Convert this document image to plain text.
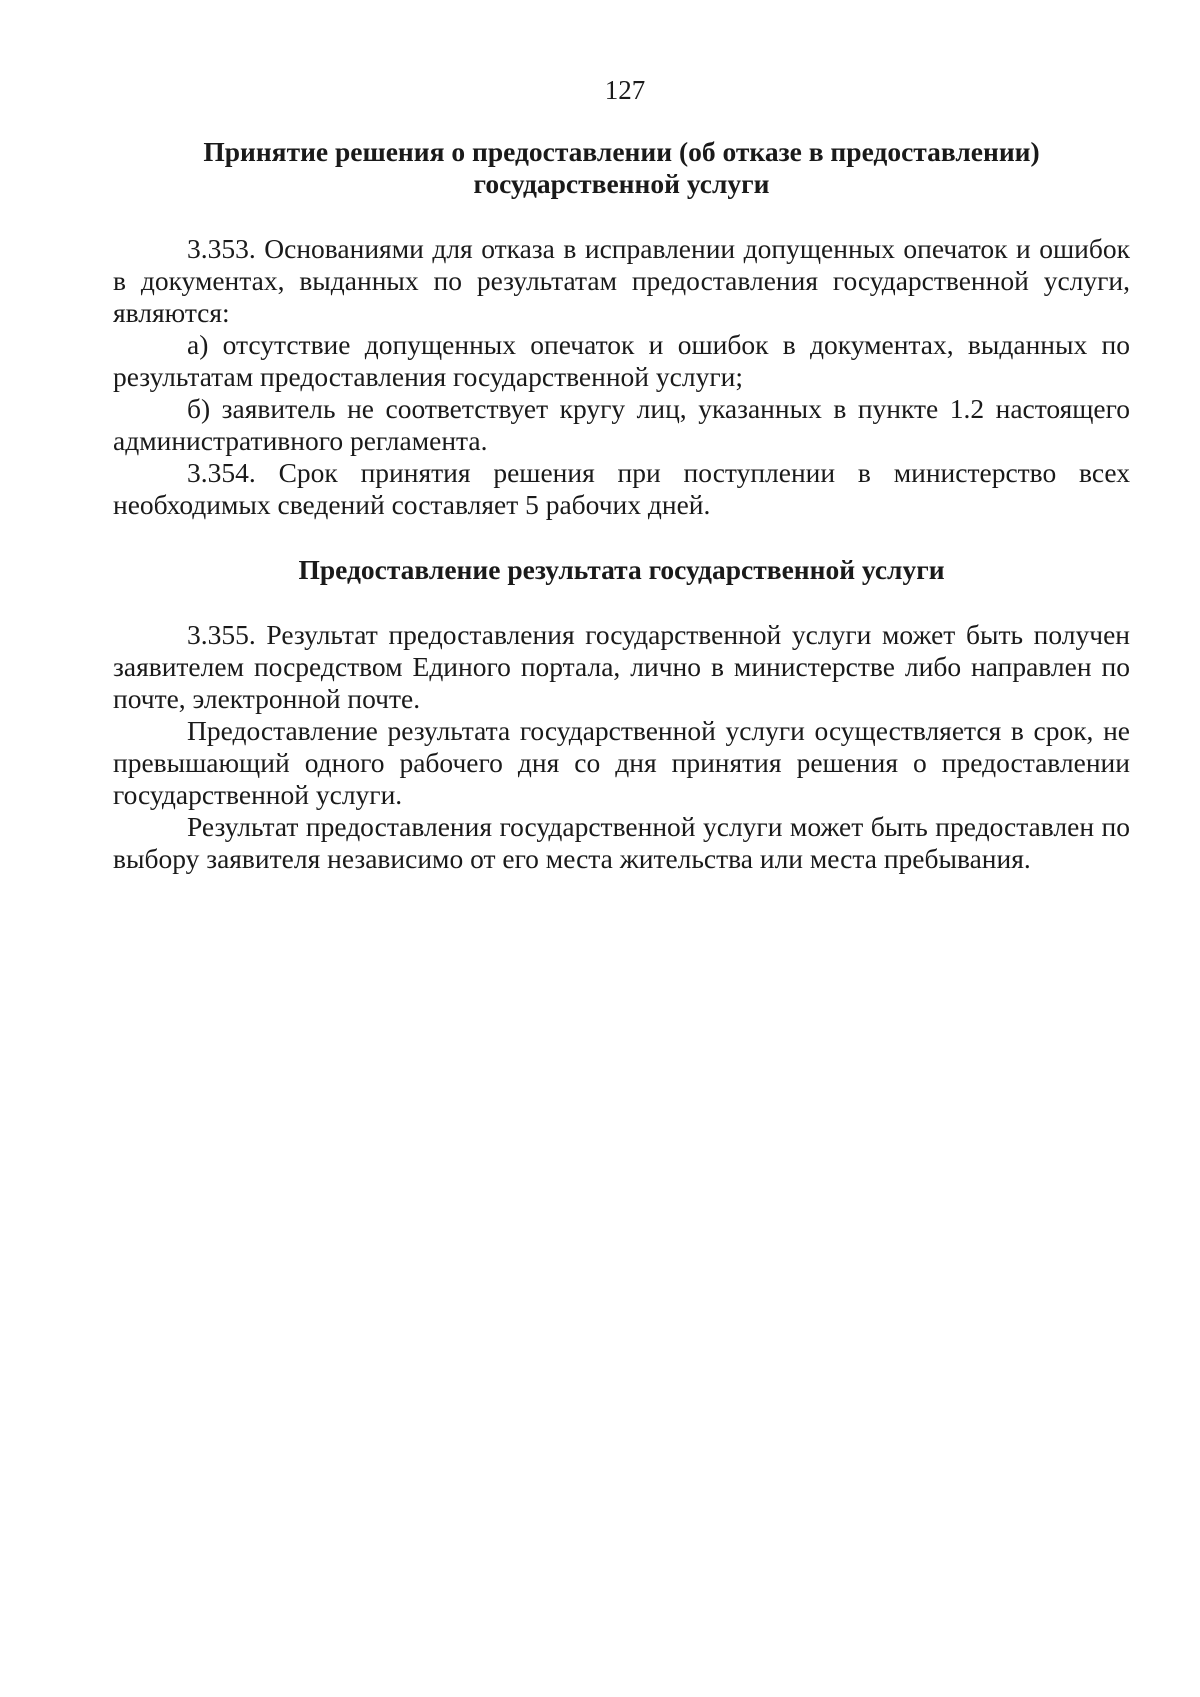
127
Принятие решения о предоставлении (об отказе в предоставлении)
государственной услуги

3.353. Основаниями для отказа в исправлении допущенных опечаток и ошибок в документах, выданных по результатам предоставления государственной услуги, являются:

а) отсутствие допущенных опечаток и ошибок в документах, выданных по результатам предоставления государственной услуги;

б) заявитель не соответствует кругу лиц, указанных в пункте 1.2 настоящего административного регламента.

3.354. Срок принятия решения при поступлении в министерство всех необходимых сведений составляет 5 рабочих дней.

Предоставление результата государственной услуги

3.355. Результат предоставления государственной услуги может быть получен заявителем посредством Единого портала, лично в министерстве либо направлен по почте, электронной почте.

Предоставление результата государственной услуги осуществляется в срок, не превышающий одного рабочего дня со дня принятия решения о предоставлении государственной услуги.

Результат предоставления государственной услуги может быть предоставлен по выбору заявителя независимо от его места жительства или места пребывания.
